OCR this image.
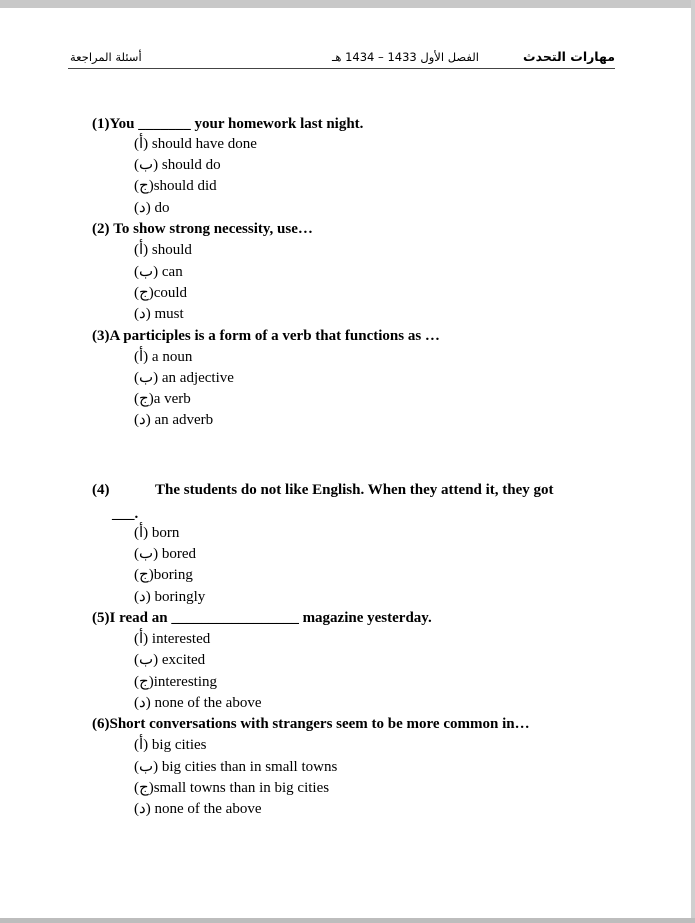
أسئلة المراجعة	الفصل الأول 1433 – 1434 هـ	مهارات التحدث
(1)You _______ your homework last night.
(أ) should have done
(ب) should do
(ج)should did
(د) do
(2) To show strong necessity, use…
(أ) should
(ب) can
(ج)could
(د) must
(3)A participles is a form of a verb that functions as …
(أ) a noun
(ب) an adjective
(ج)a verb
(د) an adverb
(4)	The students do not like English. When they attend it, they got
___.
(أ) born
(ب) bored
(ج)boring
(د) boringly
(5)I read an _________________ magazine yesterday.
(أ) interested
(ب) excited
(ج)interesting
(د) none of the above
(6)Short conversations with strangers seem to be more common in…
(أ) big cities
(ب) big cities than in small towns
(ج)small towns than in big cities
(د) none of the above
